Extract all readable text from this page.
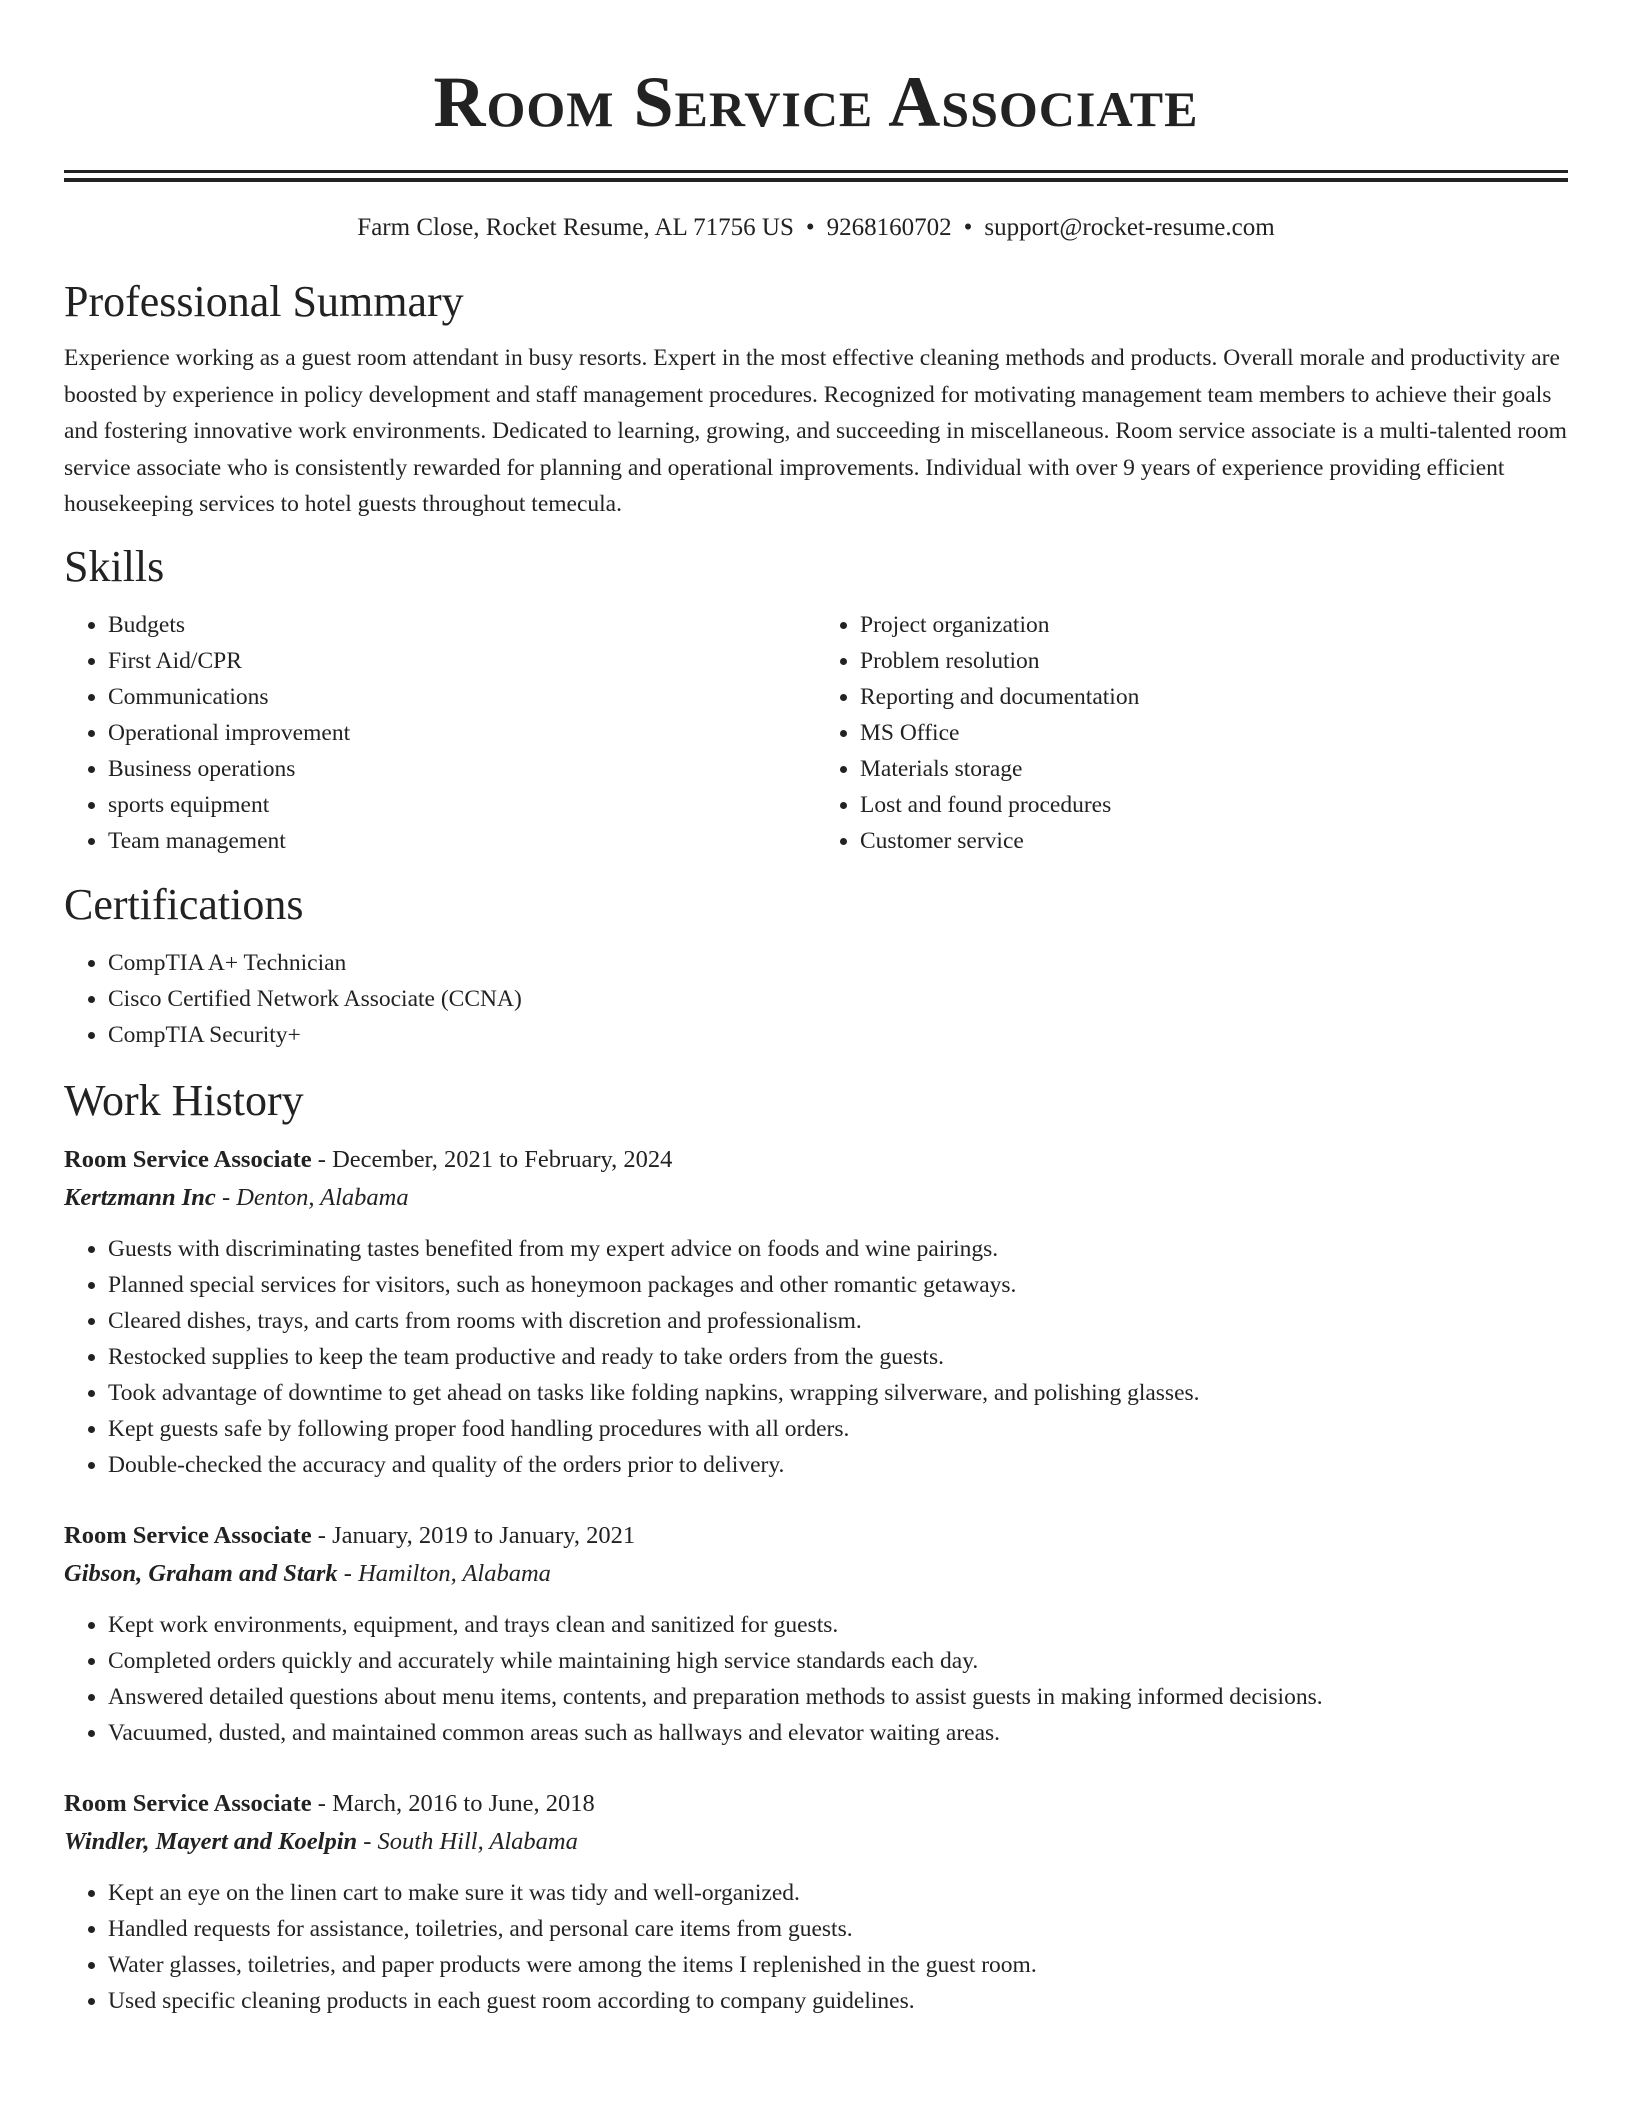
Room Service Associate
Farm Close, Rocket Resume, AL 71756 US • 9268160702 • support@rocket-resume.com
Professional Summary

Experience working as a guest room attendant in busy resorts. Expert in the most effective cleaning methods and products. Overall morale and productivity are boosted by experience in policy development and staff management procedures. Recognized for motivating management team members to achieve their goals and fostering innovative work environments. Dedicated to learning, growing, and succeeding in miscellaneous. Room service associate is a multi-talented room service associate who is consistently rewarded for planning and operational improvements. Individual with over 9 years of experience providing efficient housekeeping services to hotel guests throughout temecula.

Skills
• Budgets
• First Aid/CPR
• Communications
• Operational improvement
• Business operations
• sports equipment
• Team management
• Project organization
• Problem resolution
• Reporting and documentation
• MS Office
• Materials storage
• Lost and found procedures
• Customer service
Certifications
• CompTIA A+ Technician
• Cisco Certified Network Associate (CCNA)
• CompTIA Security+
Work History
Room Service Associate - December, 2021 to February, 2024
Kertzmann Inc - Denton, Alabama
• Guests with discriminating tastes benefited from my expert advice on foods and wine pairings.
• Planned special services for visitors, such as honeymoon packages and other romantic getaways.
• Cleared dishes, trays, and carts from rooms with discretion and professionalism.
• Restocked supplies to keep the team productive and ready to take orders from the guests.
• Took advantage of downtime to get ahead on tasks like folding napkins, wrapping silverware, and polishing glasses.
• Kept guests safe by following proper food handling procedures with all orders.
• Double-checked the accuracy and quality of the orders prior to delivery.
Room Service Associate - January, 2019 to January, 2021
Gibson, Graham and Stark - Hamilton, Alabama
• Kept work environments, equipment, and trays clean and sanitized for guests.
• Completed orders quickly and accurately while maintaining high service standards each day.
• Answered detailed questions about menu items, contents, and preparation methods to assist guests in making informed decisions.
• Vacuumed, dusted, and maintained common areas such as hallways and elevator waiting areas.
Room Service Associate - March, 2016 to June, 2018
Windler, Mayert and Koelpin - South Hill, Alabama
• Kept an eye on the linen cart to make sure it was tidy and well-organized.
• Handled requests for assistance, toiletries, and personal care items from guests.
• Water glasses, toiletries, and paper products were among the items I replenished in the guest room.
• Used specific cleaning products in each guest room according to company guidelines.
